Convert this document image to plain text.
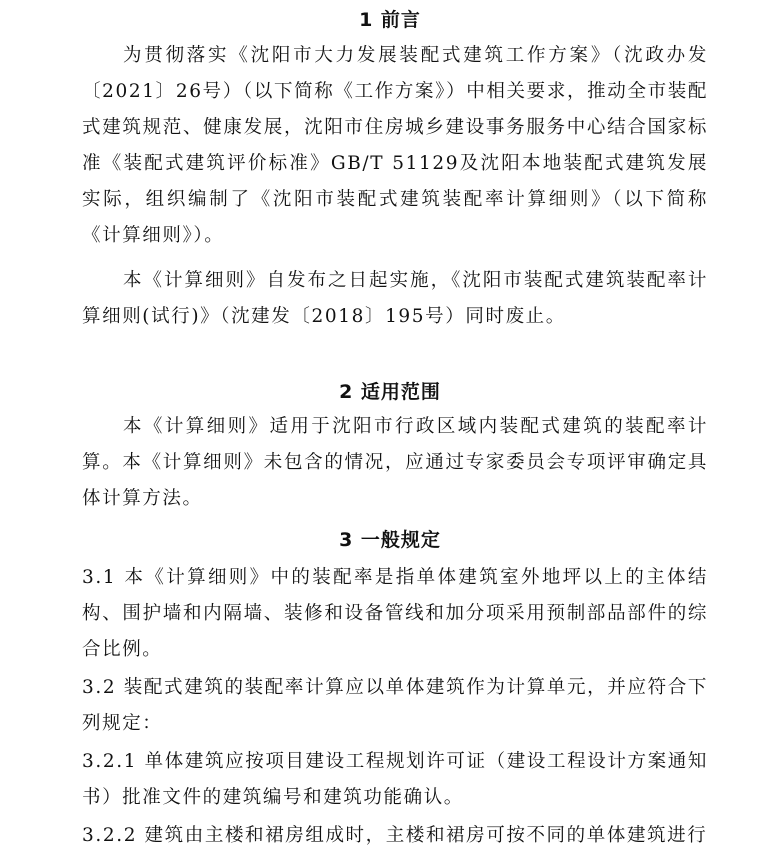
1 前言

为贯彻落实《沈阳市大力发展装配式建筑工作方案》（沈政办发〔2021〕26号）（以下简称《工作方案》）中相关要求，推动全市装配式建筑规范、健康发展，沈阳市住房城乡建设事务服务中心结合国家标准《装配式建筑评价标准》GB/T 51129及沈阳本地装配式建筑发展实际，组织编制了《沈阳市装配式建筑装配率计算细则》（以下简称《计算细则》）。

本《计算细则》自发布之日起实施，《沈阳市装配式建筑装配率计算细则(试行)》（沈建发〔2018〕195号）同时废止。

2 适用范围

本《计算细则》适用于沈阳市行政区域内装配式建筑的装配率计算。本《计算细则》未包含的情况，应通过专家委员会专项评审确定具体计算方法。

3 一般规定

3.1 本《计算细则》中的装配率是指单体建筑室外地坪以上的主体结构、围护墙和内隔墙、装修和设备管线和加分项采用预制部品部件的综合比例。

3.2 装配式建筑的装配率计算应以单体建筑作为计算单元，并应符合下列规定：

3.2.1 单体建筑应按项目建设工程规划许可证（建设工程设计方案通知书）批准文件的建筑编号和建筑功能确认。

3.2.2 建筑由主楼和裙房组成时，主楼和裙房可按不同的单体建筑进行
